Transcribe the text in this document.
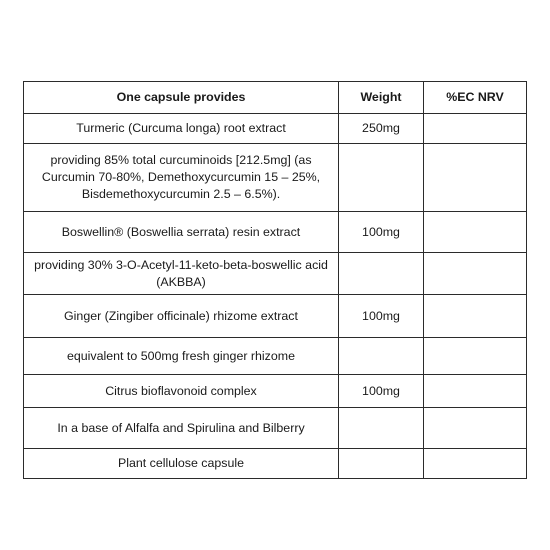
One capsule provides	Weight	%EC NRV
Turmeric (Curcuma longa) root extract	250mg	
providing 85% total curcuminoids [212.5mg] (as Curcumin 70-80%, Demethoxycurcumin 15 – 25%, Bisdemethoxycurcumin 2.5 – 6.5%).		
Boswellin® (Boswellia serrata) resin extract	100mg	
providing 30% 3-O-Acetyl-11-keto-beta-boswellic acid (AKBBA)		
Ginger (Zingiber officinale) rhizome extract	100mg	
equivalent to 500mg fresh ginger rhizome		
Citrus bioflavonoid complex	100mg	
In a base of Alfalfa and Spirulina and Bilberry		
Plant cellulose capsule		
